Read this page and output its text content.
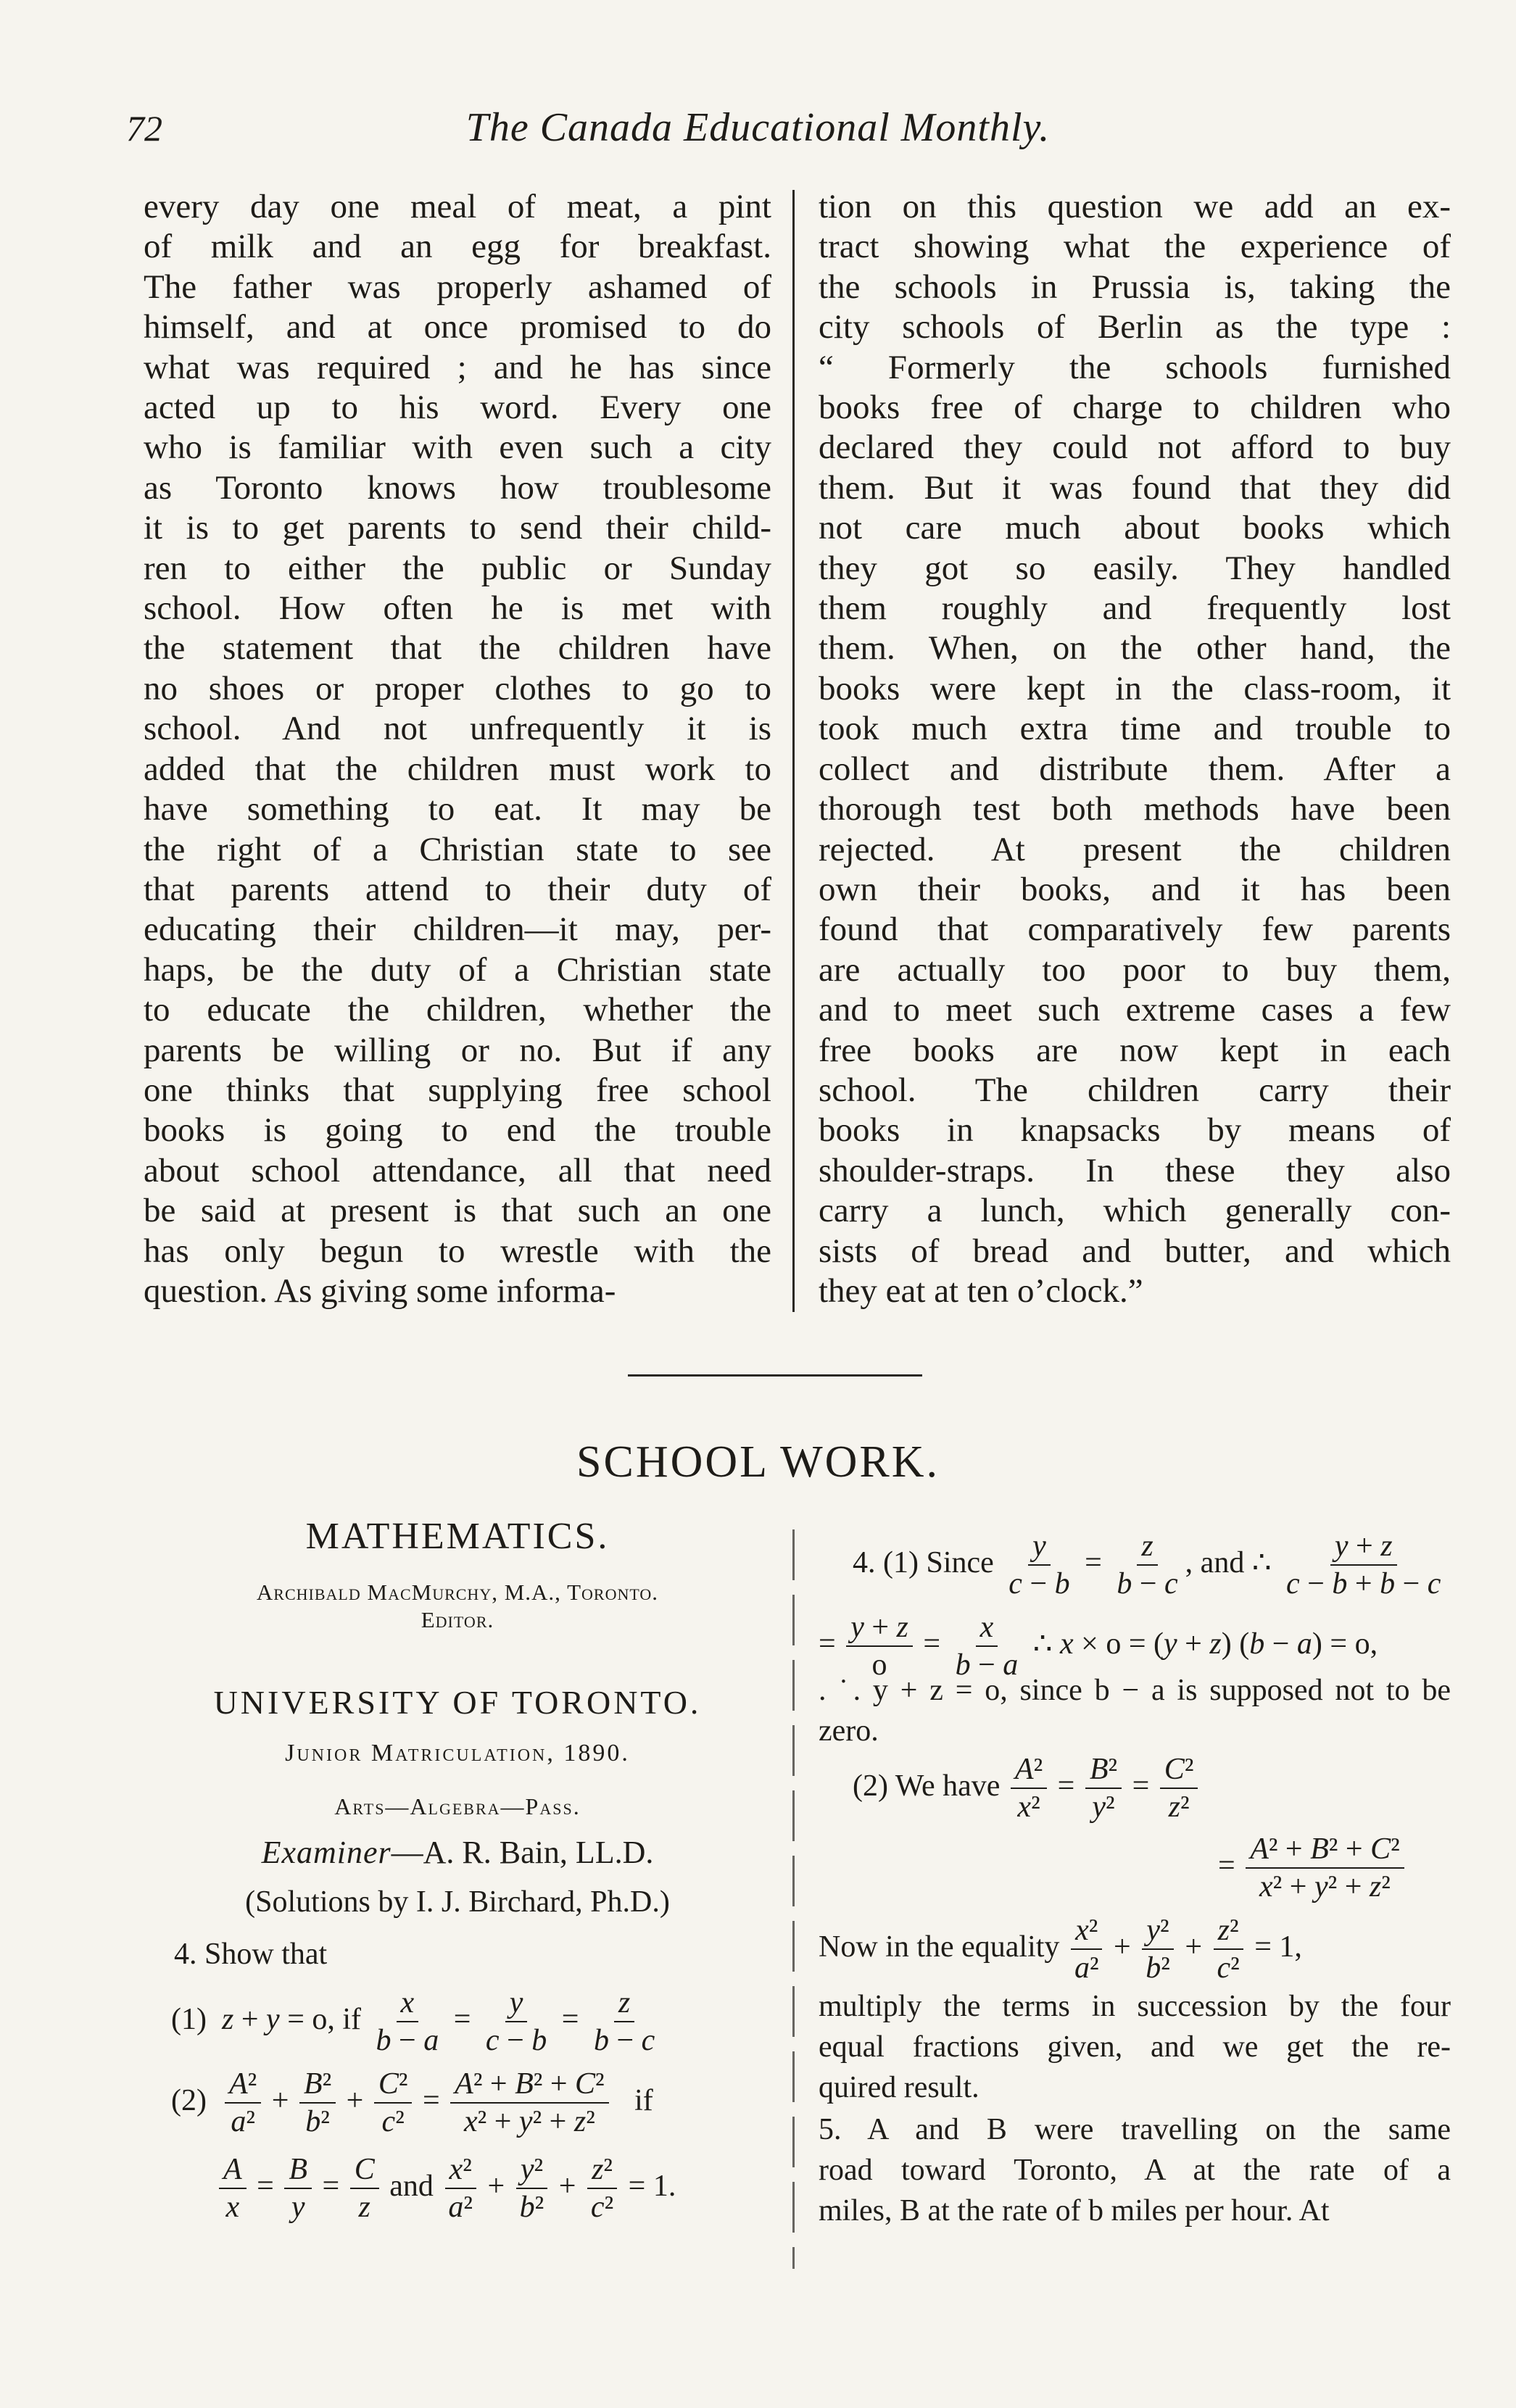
72	The Canada Educational Monthly.
every day one meal of meat, a pint
of milk and an egg for breakfast.
The father was properly ashamed of
himself, and at once promised to do
what was required ; and he has since
acted up to his word. Every one
who is familiar with even such a city
as Toronto knows how troublesome
it is to get parents to send their child-
ren to either the public or Sunday
school. How often he is met with
the statement that the children have
no shoes or proper clothes to go to
school. And not unfrequently it is
added that the children must work to
have something to eat. It may be
the right of a Christian state to see
that parents attend to their duty of
educating their children—it may, per-
haps, be the duty of a Christian state
to educate the children, whether the
parents be willing or no. But if any
one thinks that supplying free school
books is going to end the trouble
about school attendance, all that need
be said at present is that such an one
has only begun to wrestle with the
question. As giving some informa-
tion on this question we add an ex-
tract showing what the experience of
the schools in Prussia is, taking the
city schools of Berlin as the type :
“ Formerly the schools furnished
books free of charge to children who
declared they could not afford to buy
them. But it was found that they did
not care much about books which
they got so easily. They handled
them roughly and frequently lost
them. When, on the other hand, the
books were kept in the class-room, it
took much extra time and trouble to
collect and distribute them. After a
thorough test both methods have been
rejected. At present the children
own their books, and it has been
found that comparatively few parents
are actually too poor to buy them,
and to meet such extreme cases a few
free books are now kept in each
school. The children carry their
books in knapsacks by means of
shoulder-straps. In these they also
carry a lunch, which generally con-
sists of bread and butter, and which
they eat at ten o’clock.”
SCHOOL WORK.
MATHEMATICS.
Archibald MacMurchy, M.A., Toronto.
Editor.
UNIVERSITY OF TORONTO.
Junior Matriculation, 1890.
Arts—Algebra—Pass.
Examiner—A. R. Bain, LL.D.
(Solutions by I. J. Birchard, Ph.D.)
4. Show that
(1)  z + y = o, if $\frac{x}{b - a} = \frac{y}{c - b} = \frac{z}{b - c}$
$(2) \frac{\text{A²}}{\text{a²}} + \frac{\text{B²}}{\text{b²}} + \frac{\text{C²}}{\text{c²}} = \frac{\text{A² + B² + C²}}{\text{x² + y² + z²}}$ if
$\frac{A}{x} = \frac{B}{y} = \frac{C}{z}$ and $\frac{\text{x²}}{\text{a²}} + \frac{\text{y²}}{\text{b²}} + \frac{\text{z²}}{\text{c²}} = 1$.
4. (1) Since $\frac{y}{c - b} = \frac{z}{b - c}$ , and ∴ $\frac{y + z}{c - b + b - c}$
= $\frac{y + z}{o} = \frac{x}{b - a}$ ∴ x × o = (y + z) (b − a) = o,
. ˙. y + z = o, since b − a is supposed not to be
zero.
(2) We have $\frac{\text{A²}}{\text{x²}} = \frac{\text{B²}}{\text{y²}} = \frac{\text{C²}}{\text{z²}}$
= $\frac{\text{A² + B² + C²}}{\text{x² + y² + z²}}$
Now in the equality $\frac{\text{x²}}{\text{a²}} + \frac{\text{y²}}{\text{b²}} + \frac{\text{z²}}{\text{c²}} = 1$,
multiply the terms in succession by the four
equal fractions given, and we get the re-
quired result.
5. A and B were travelling on the same
road toward Toronto, A at the rate of a
miles, B at the rate of b miles per hour. At
